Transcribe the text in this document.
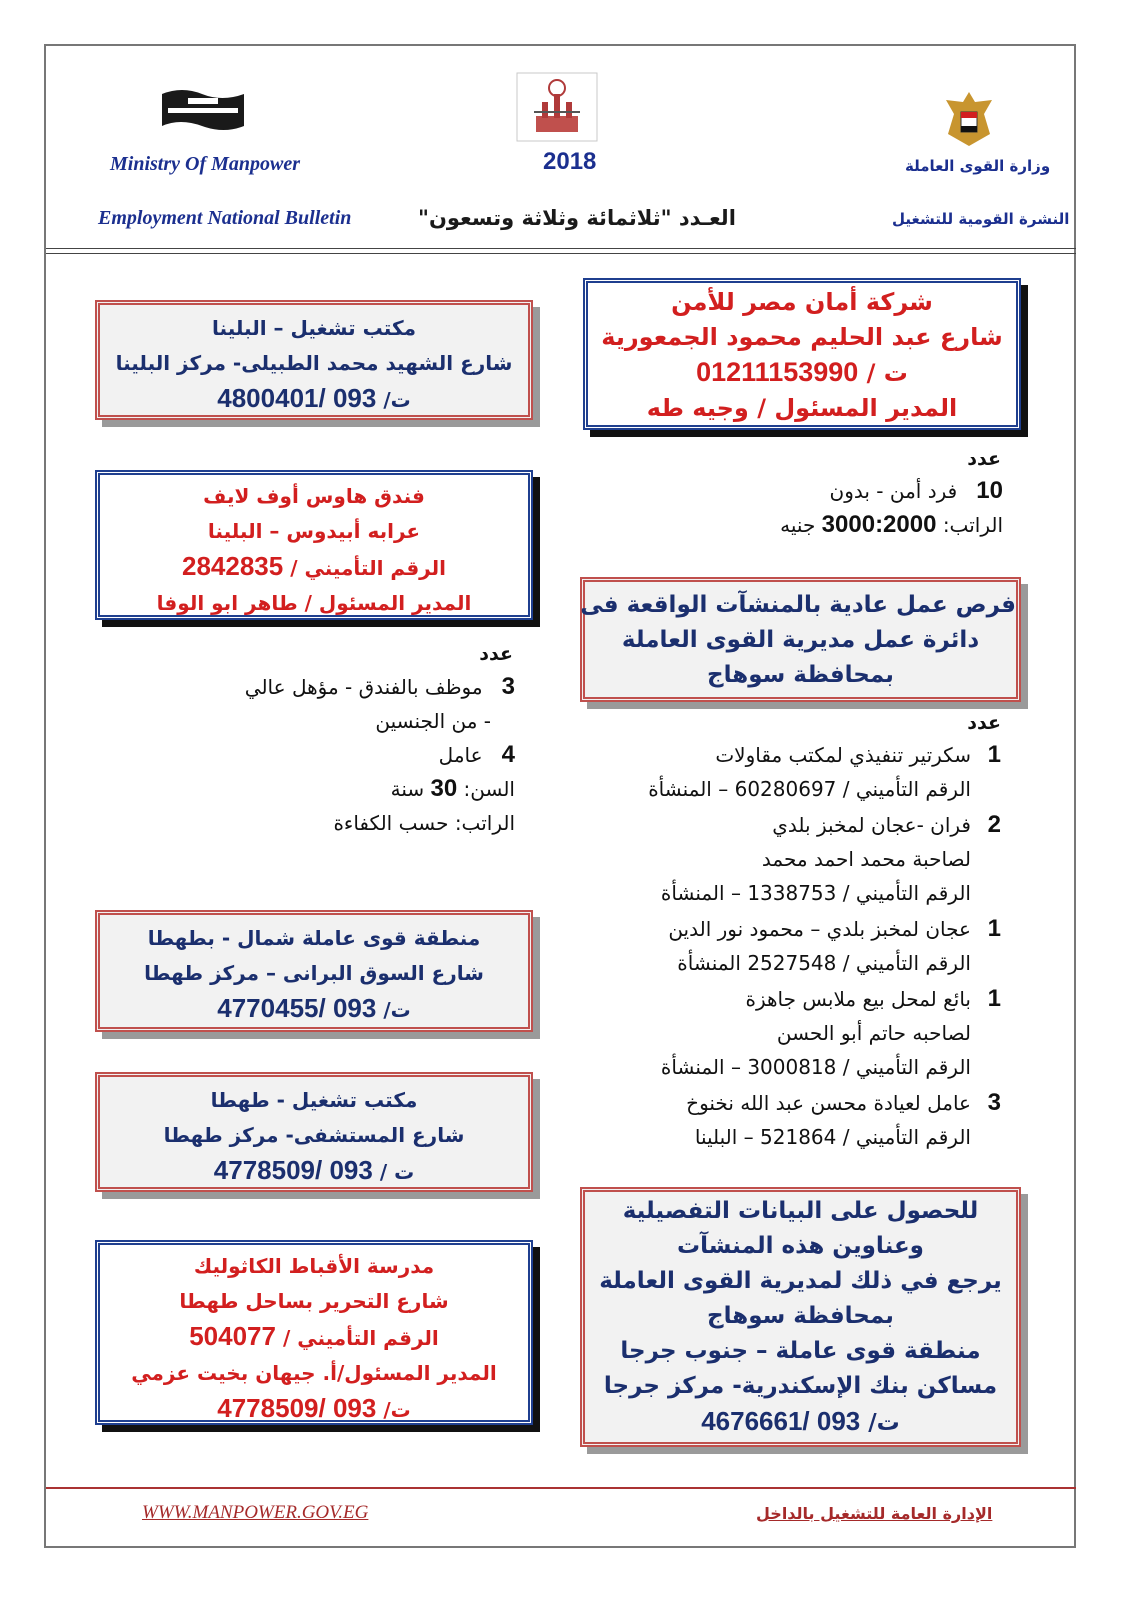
Ministry Of Manpower
Employment National Bulletin
2018
العـدد "ثلاثمائة وثلاثة وتسعون"
وزارة القوى العاملة
النشرة القومية للتشغيل
شركة أمان مصر للأمن
شارع عبد الحليم محمود الجمعورية
ت / 01211153990
المدير المسئول / وجيه طه
عدد
10   فرد أمن - بدون
الراتب: 3000:2000 جنيه
فرص عمل عادية بالمنشآت الواقعة فى
دائرة عمل مديرية القوى العاملة
بمحافظة سوهاج
عدد
1
سكرتير تنفيذي لمكتب مقاولات
الرقم التأميني / 60280697 – المنشأة
2
فران -عجان لمخبز بلدي
لصاحبة محمد احمد محمد
الرقم التأميني / 1338753 – المنشأة
1
عجان لمخبز بلدي – محمود نور الدين
الرقم التأميني / 2527548 المنشأة
1
بائع لمحل بيع ملابس جاهزة
لصاحبه حاتم أبو الحسن
الرقم التأميني / 3000818 – المنشأة
3
عامل لعيادة محسن عبد الله نخنوخ
الرقم التأميني / 521864 – البلينا
للحصول على البيانات التفصيلية
وعناوين هذه المنشآت
يرجع في ذلك لمديرية القوى العاملة
بمحافظة سوهاج
منطقة قوى عاملة – جنوب جرجا
مساكن بنك الإسكندرية- مركز جرجا
ت/ 093 /4676661
مكتب تشغيل – البلينا
شارع الشهيد محمد الطبيلى- مركز البلينا
ت/ 093 /4800401
فندق هاوس أوف لايف
عرابه أبيدوس – البلينا
الرقم التأميني / 2842835
المدير المسئول / طاهر ابو الوفا
عدد
3   موظف بالفندق - مؤهل عالي
- من الجنسين
4   عامل
السن: 30 سنة
الراتب: حسب الكفاءة
منطقة قوى عاملة شمال - بطهطا
شارع السوق البرانى – مركز طهطا
ت/ 093 /4770455
مكتب تشغيل - طهطا
شارع المستشفى- مركز طهطا
ت / 093 /4778509
مدرسة الأقباط الكاثوليك
شارع التحرير بساحل طهطا
الرقم التأميني / 504077
المدير المسئول/أ. جيهان بخيت عزمي
ت/ 093 /4778509
WWW.MANPOWER.GOV.EG	الإدارة العامة للتشغيل بالداخل
